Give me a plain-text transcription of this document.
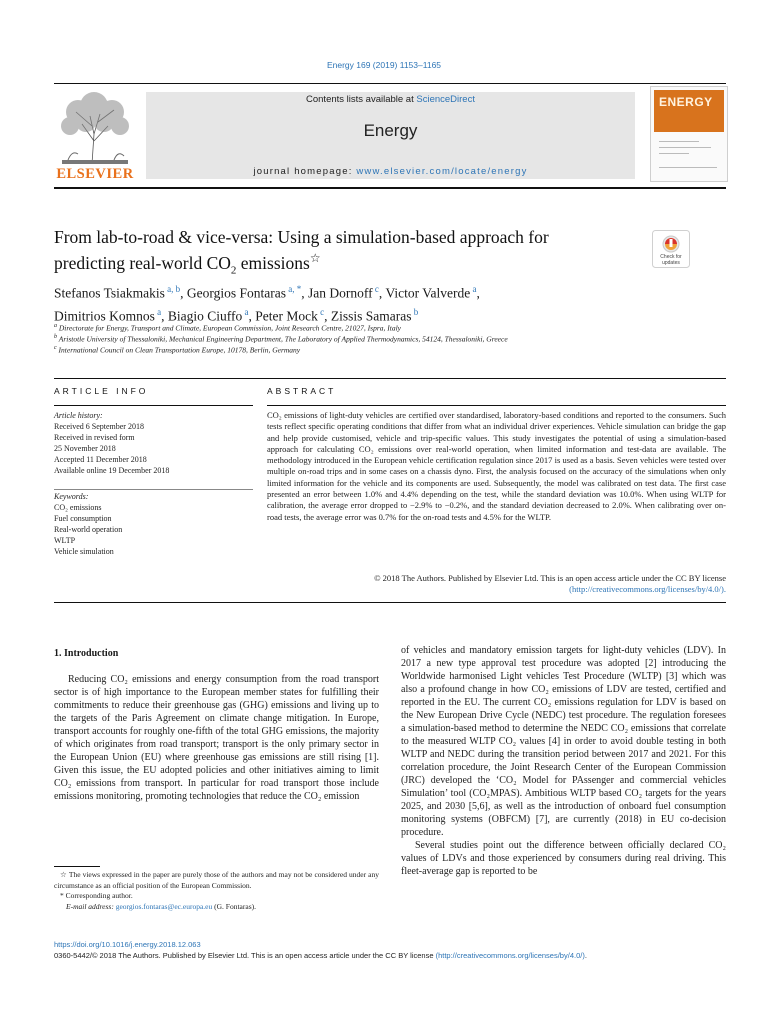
Energy 169 (2019) 1153–1165
ELSEVIER
Contents lists available at ScienceDirect
Energy
journal homepage: www.elsevier.com/locate/energy
ENERGY
From lab-to-road & vice-versa: Using a simulation-based approach for
predicting real-world $CO_2$ emissions☆	Check for updates
Stefanos Tsiakmakis $^{a, b}$, Georgios Fontaras $^{a, *}$, Jan Dornoff $^c$, Victor Valverde $^a$,
Dimitrios Komnos $^a$, Biagio Ciuffo $^a$, Peter Mock $^c$, Zissis Samaras $^b$
$^a$ Directorate for Energy, Transport and Climate, European Commission, Joint Research Centre, 21027, Ispra, Italy
$^b$ Aristotle University of Thessaloniki, Mechanical Engineering Department, The Laboratory of Applied Thermodynamics, 54124, Thessaloniki, Greece
$^c$ International Council on Clean Transportation Europe, 10178, Berlin, Germany
ARTICLE INFO	ABSTRACT
Article history:
Received 6 September 2018
Received in revised form
25 November 2018
Accepted 11 December 2018
Available online 19 December 2018
Keywords:
CO₂ emissions
Fuel consumption
Real-world operation
WLTP
Vehicle simulation
CO₂ emissions of light-duty vehicles are certified over standardised, laboratory-based conditions and reported to the consumers. Such tests reflect specific operating conditions that differ from what an individual driver experiences. Vehicle simulation can bridge the gap and help provide customised, vehicle and trip-specific values. This study investigates the potential of using a simulation-based approach for calculating CO₂ emissions over real-world operation, when limited information and test-data are available. The methodology introduced in the European vehicle certification regulation since 2017 is used as a basis. Seven vehicles were tested over multiple on-road trips and in some cases on a chassis dyno. First, the analysis focused on the accuracy of the simulations when only limited information for the vehicle and its components are used. Subsequently, the model was calibrated on test data. The first case presented an error between 1.0% and 4.4% depending on the test, while the standard deviation was 10.0%. When using WLTP for calibration, the average error dropped to −2.9% to −0.2%, and the standard deviation decreased to 2.0%. When calibrating over on-road tests, the average error was 0.7% for the on-road tests and 4.5% for the WLTP.
© 2018 The Authors. Published by Elsevier Ltd. This is an open access article under the CC BY license
(http://creativecommons.org/licenses/by/4.0/).
1. Introduction
Reducing CO₂ emissions and energy consumption from the road transport sector is of high importance to the European member states for fulfilling their commitments to reduce their greenhouse gas (GHG) emissions and living up to the targets of the Paris Agreement on climate change mitigation. In Europe, transport accounts for roughly one-fifth of the total GHG emissions, the majority of which originates from road transport; transport is the only primary sector in the European Union (EU) where greenhouse gas emissions are still rising [1]. Given this issue, the EU adopted policies and other initiatives aiming to limit CO₂ emissions from transport. In particular for road transport those include emissions monitoring, promoting technologies that reduce the CO₂ emission
of vehicles and mandatory emission targets for light-duty vehicles (LDV). In 2017 a new type approval test procedure was adopted [2] introducing the Worldwide harmonised Light vehicles Test Procedure (WLTP) [3] which was also a profound change in how CO₂ emissions of LDV are tested, certified and reported in the EU. The current CO₂ emissions regulation for LDV is based on the New European Drive Cycle (NEDC) test procedure. The regulation foresees a simulation-based method to determine the NEDC CO₂ emissions that correlate to the measured WLTP CO₂ values [4] in order to avoid double testing in both WLTP and NEDC during the transition period between 2017 and 2021. For this correlation procedure, the Joint Research Center of the European Commission (JRC) developed the ‘CO₂ Model for PAssenger and commercial vehicles Simulation’ tool (CO₂MPAS). Ambitious WLTP based CO₂ targets for the years 2025, and 2030 [5,6], as well as the introduction of onboard fuel consumption monitoring systems (OBFCM) [7], are currently (2018) in EU co-decision procedure.
Several studies point out the difference between officially declared CO₂ values of LDVs and those experienced by consumers during real driving. This fleet-average gap is reported to be
☆ The views expressed in the paper are purely those of the authors and may not be considered under any circumstance as an official position of the European Commission.
* Corresponding author.
E-mail address: georgios.fontaras@ec.europa.eu (G. Fontaras).
https://doi.org/10.1016/j.energy.2018.12.063
0360-5442/© 2018 The Authors. Published by Elsevier Ltd. This is an open access article under the CC BY license (http://creativecommons.org/licenses/by/4.0/).
